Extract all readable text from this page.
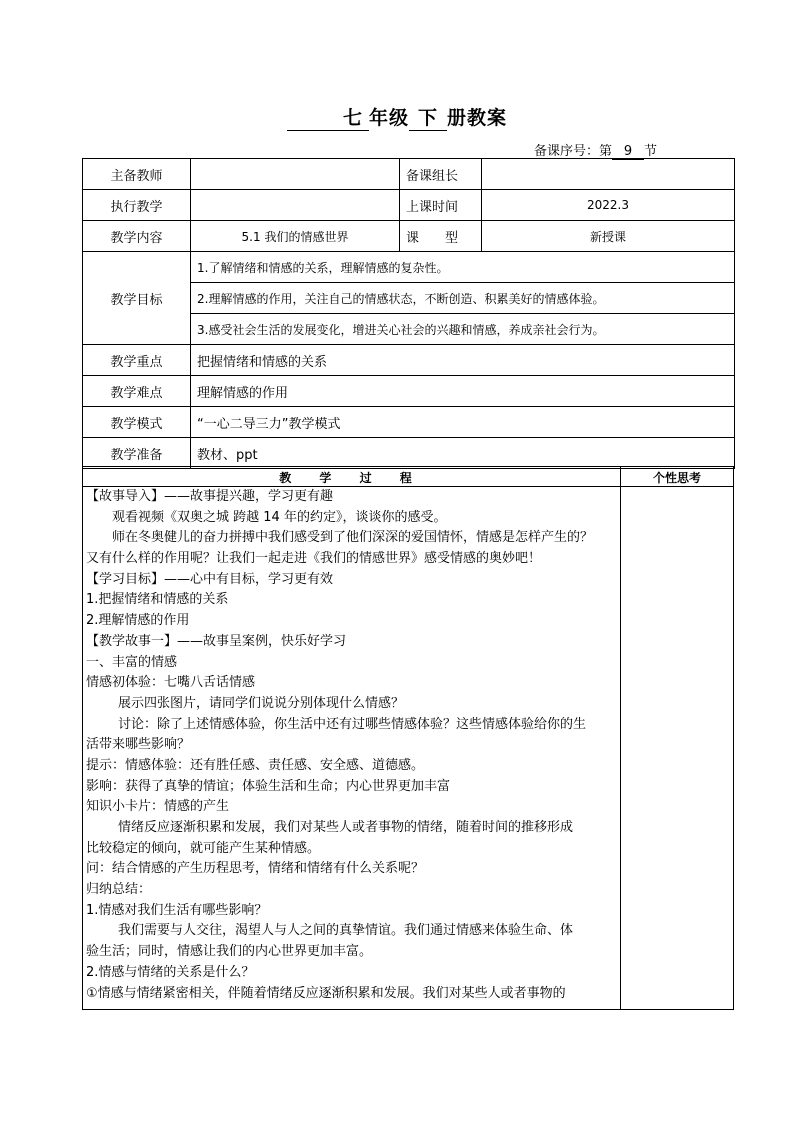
七 年级 下 册教案
备课序号：第 9 节
主备教师		备课组长	
执行教学		上课时间	2022.3
教学内容	5.1 我们的情感世界	课　　型	新授课
教学目标	1.了解情绪和情感的关系，理解情感的复杂性。		
	2.理解情感的作用，关注自己的情感状态，不断创造、积累美好的情感体验。		
	3.感受社会生活的发展变化，增进关心社会的兴趣和情感，养成亲社会行为。		
教学重点	把握情绪和情感的关系		
教学难点	理解情感的作用		
教学模式	“一心二导三力”教学模式		
教学准备	教材、ppt		
教 学 过 程	个性思考
【故事导入】——故事提兴趣，学习更有趣
观看视频《双奥之城 跨越 14 年的约定》，谈谈你的感受。
师在冬奥健儿的奋力拼搏中我们感受到了他们深深的爱国情怀，情感是怎样产生的？
又有什么样的作用呢？让我们一起走进《我们的情感世界》感受情感的奥妙吧！
【学习目标】——心中有目标，学习更有效
1.把握情绪和情感的关系
2.理解情感的作用
【教学故事一】——故事呈案例，快乐好学习
一、丰富的情感
情感初体验：七嘴八舌话情感
展示四张图片，请同学们说说分别体现什么情感？
讨论：除了上述情感体验，你生活中还有过哪些情感体验？这些情感体验给你的生
活带来哪些影响？
提示：情感体验：还有胜任感、责任感、安全感、道德感。
影响：获得了真挚的情谊；体验生活和生命；内心世界更加丰富
知识小卡片：情感的产生
情绪反应逐渐积累和发展，我们对某些人或者事物的情绪，随着时间的推移形成
比较稳定的倾向，就可能产生某种情感。
问：结合情感的产生历程思考，情绪和情绪有什么关系呢？
归纳总结：
1.情感对我们生活有哪些影响？
我们需要与人交往，渴望人与人之间的真挚情谊。我们通过情感来体验生命、体
验生活；同时，情感让我们的内心世界更加丰富。
2.情感与情绪的关系是什么？
①情感与情绪紧密相关，伴随着情绪反应逐渐积累和发展。我们对某些人或者事物的
